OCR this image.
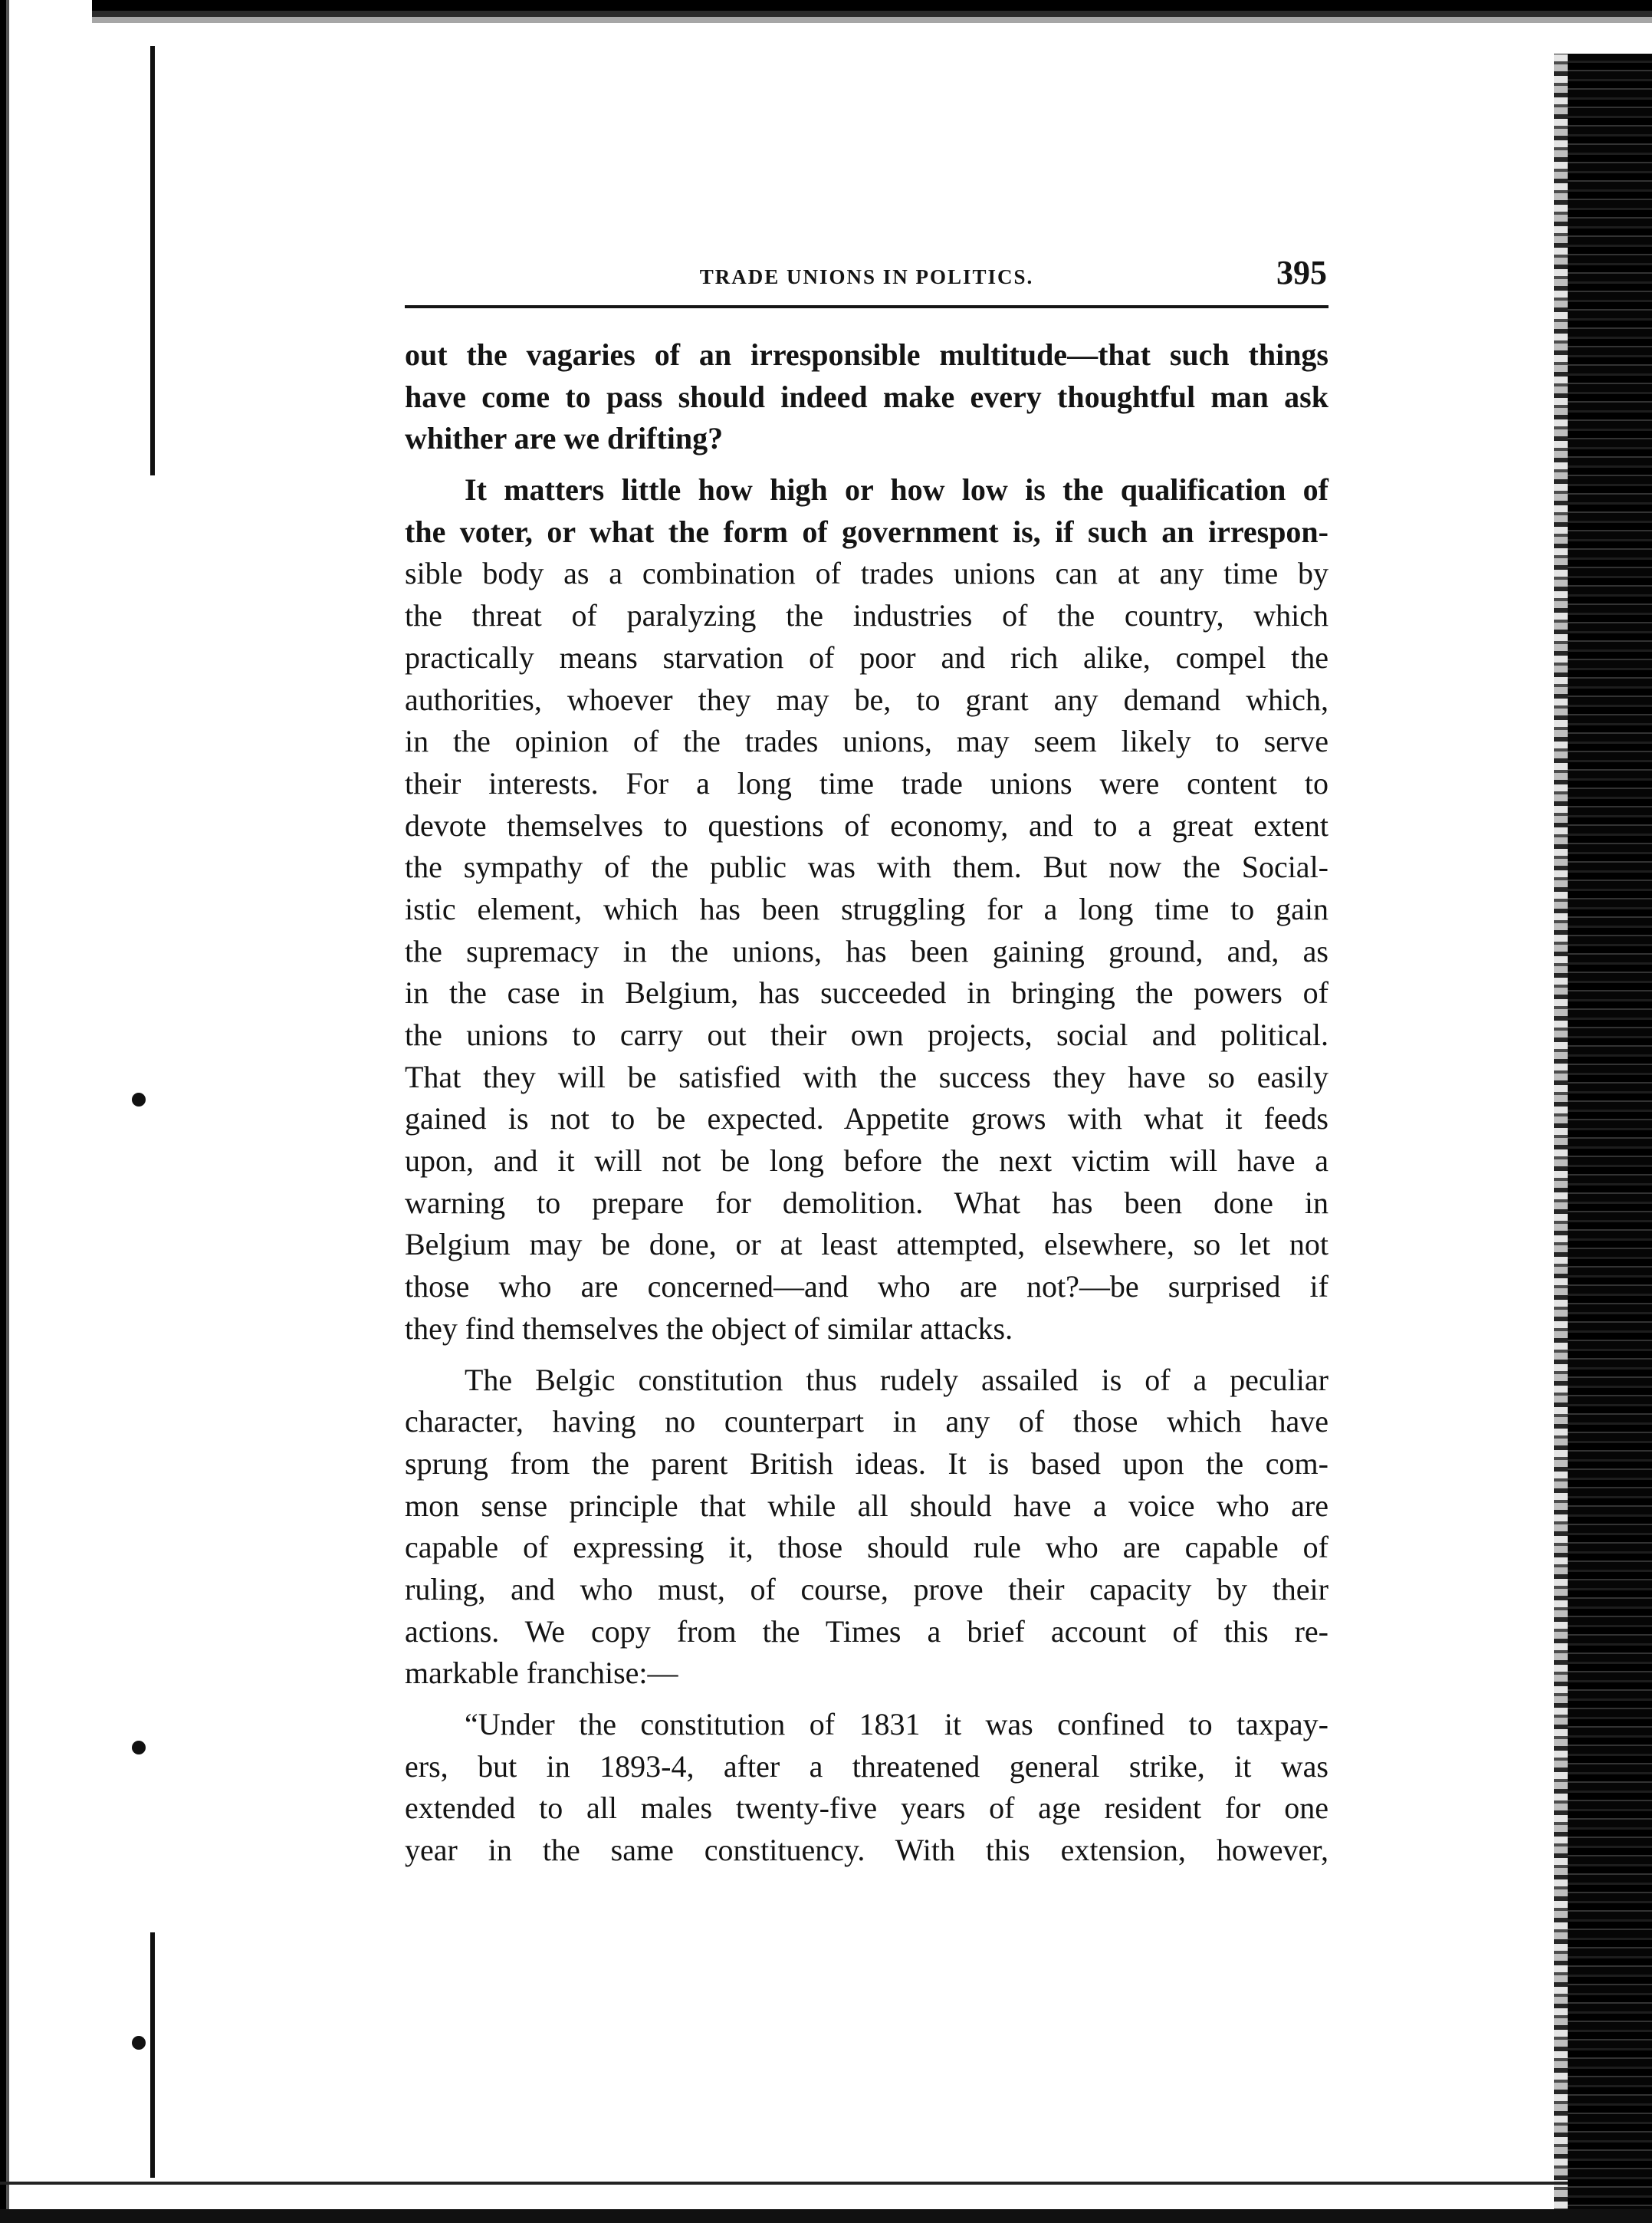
TRADE UNIONS IN POLITICS.	395
out the vagaries of an irresponsible multitude—that such things
have come to pass should indeed make every thoughtful man ask
whither are we drifting?
It matters little how high or how low is the qualification of
the voter, or what the form of government is, if such an irrespon-
sible body as a combination of trades unions can at any time by
the threat of paralyzing the industries of the country, which
practically means starvation of poor and rich alike, compel the
authorities, whoever they may be, to grant any demand which,
in the opinion of the trades unions, may seem likely to serve
their interests. For a long time trade unions were content to
devote themselves to questions of economy, and to a great extent
the sympathy of the public was with them. But now the Social-
istic element, which has been struggling for a long time to gain
the supremacy in the unions, has been gaining ground, and, as
in the case in Belgium, has succeeded in bringing the powers of
the unions to carry out their own projects, social and political.
That they will be satisfied with the success they have so easily
gained is not to be expected. Appetite grows with what it feeds
upon, and it will not be long before the next victim will have a
warning to prepare for demolition. What has been done in
Belgium may be done, or at least attempted, elsewhere, so let not
those who are concerned—and who are not?—be surprised if
they find themselves the object of similar attacks.
The Belgic constitution thus rudely assailed is of a peculiar
character, having no counterpart in any of those which have
sprung from the parent British ideas. It is based upon the com-
mon sense principle that while all should have a voice who are
capable of expressing it, those should rule who are capable of
ruling, and who must, of course, prove their capacity by their
actions. We copy from the Times a brief account of this re-
markable franchise:—
“Under the constitution of 1831 it was confined to taxpay-
ers, but in 1893-4, after a threatened general strike, it was
extended to all males twenty-five years of age resident for one
year in the same constituency. With this extension, however,
